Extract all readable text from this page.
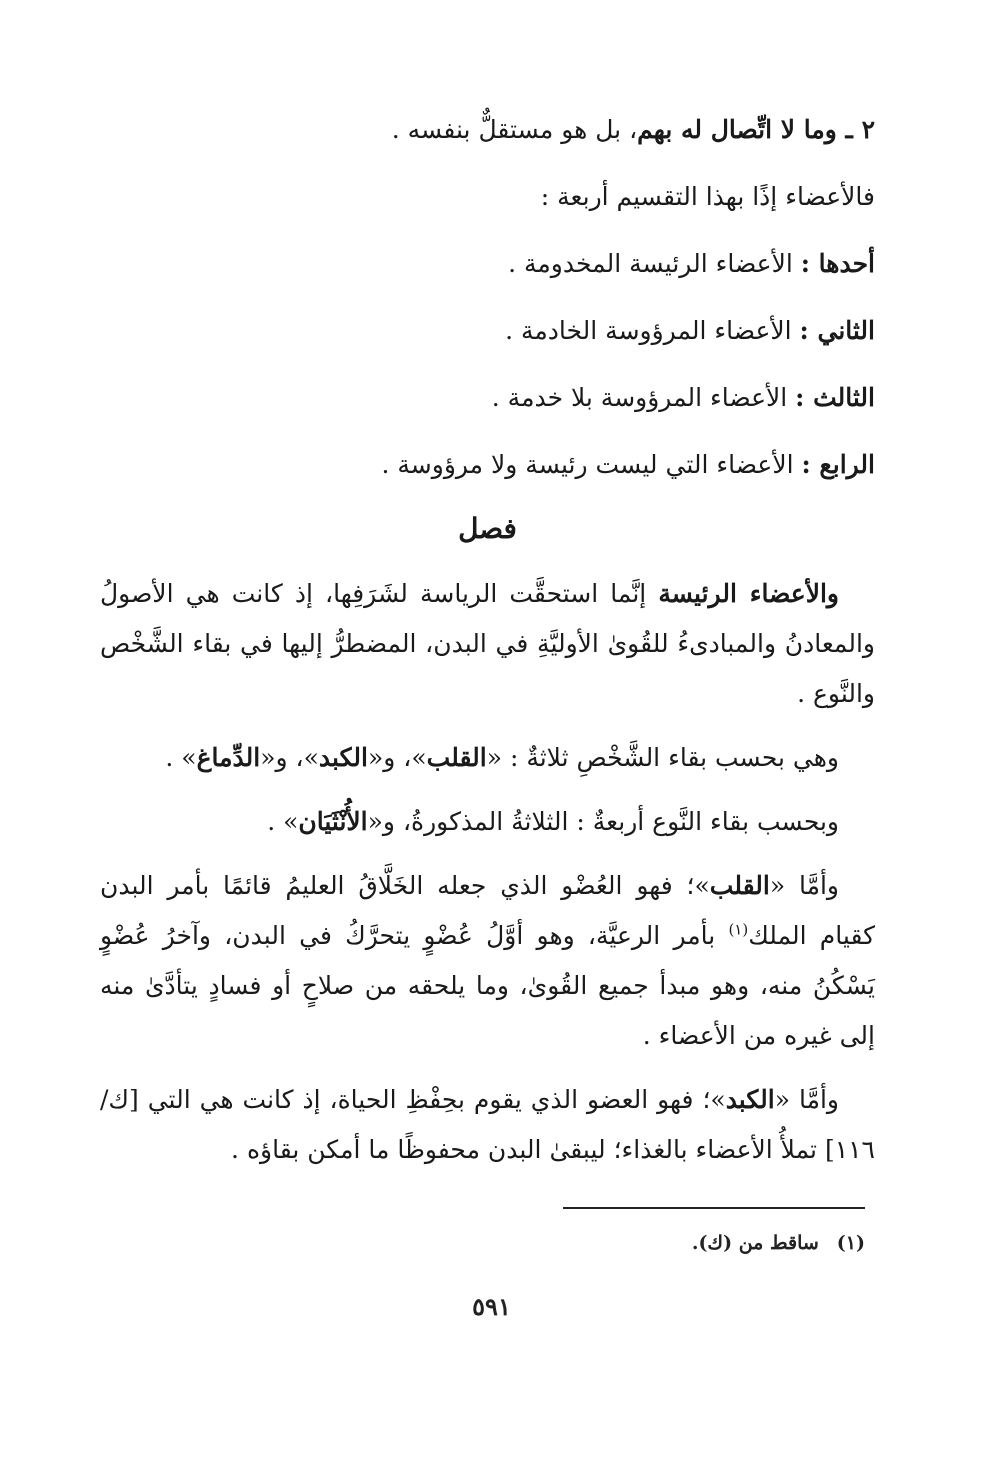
٢ ـ وما لا اتِّصال له بهم، بل هو مستقلٌّ بنفسه .
فالأعضاء إذًا بهذا التقسيم أربعة :
أحدها : الأعضاء الرئيسة المخدومة .
الثاني : الأعضاء المرؤوسة الخادمة .
الثالث : الأعضاء المرؤوسة بلا خدمة .
الرابع : الأعضاء التي ليست رئيسة ولا مرؤوسة .
فصل
والأعضاء الرئيسة إنَّما استحقَّت الرياسة لشَرَفِها، إذ كانت هي الأصولُ والمعادنُ والمبادىءُ للقُوىٰ الأوليَّةِ في البدن، المضطرُّ إليها في بقاء الشَّخْص والنَّوع .
وهي بحسب بقاء الشَّخْصِ ثلاثةٌ : «القلب»، و«الكبد»، و«الدِّماغ» .
وبحسب بقاء النَّوع أربعةٌ : الثلاثةُ المذكورةُ، و«الأُنْثَيَان» .
وأمَّا «القلب»؛ فهو العُضْو الذي جعله الخَلَّاقُ العليمُ قائمًا بأمر البدن كقيام الملك$^{(١)}$ بأمر الرعيَّة، وهو أوَّلُ عُضْوٍ يتحرَّكُ في البدن، وآخرُ عُضْوٍ يَسْكُنُ منه، وهو مبدأ جميع القُوىٰ، وما يلحقه من صلاحٍ أو فسادٍ يتأدَّىٰ منه إلى غيره من الأعضاء .
وأمَّا «الكبد»؛ فهو العضو الذي يقوم بحِفْظِ الحياة، إذ كانت هي التي [ك/١١٦] تملأُ الأعضاء بالغذاء؛ ليبقىٰ البدن محفوظًا ما أمكن بقاؤه .
(١)ساقط من (ك).
٥٩١
